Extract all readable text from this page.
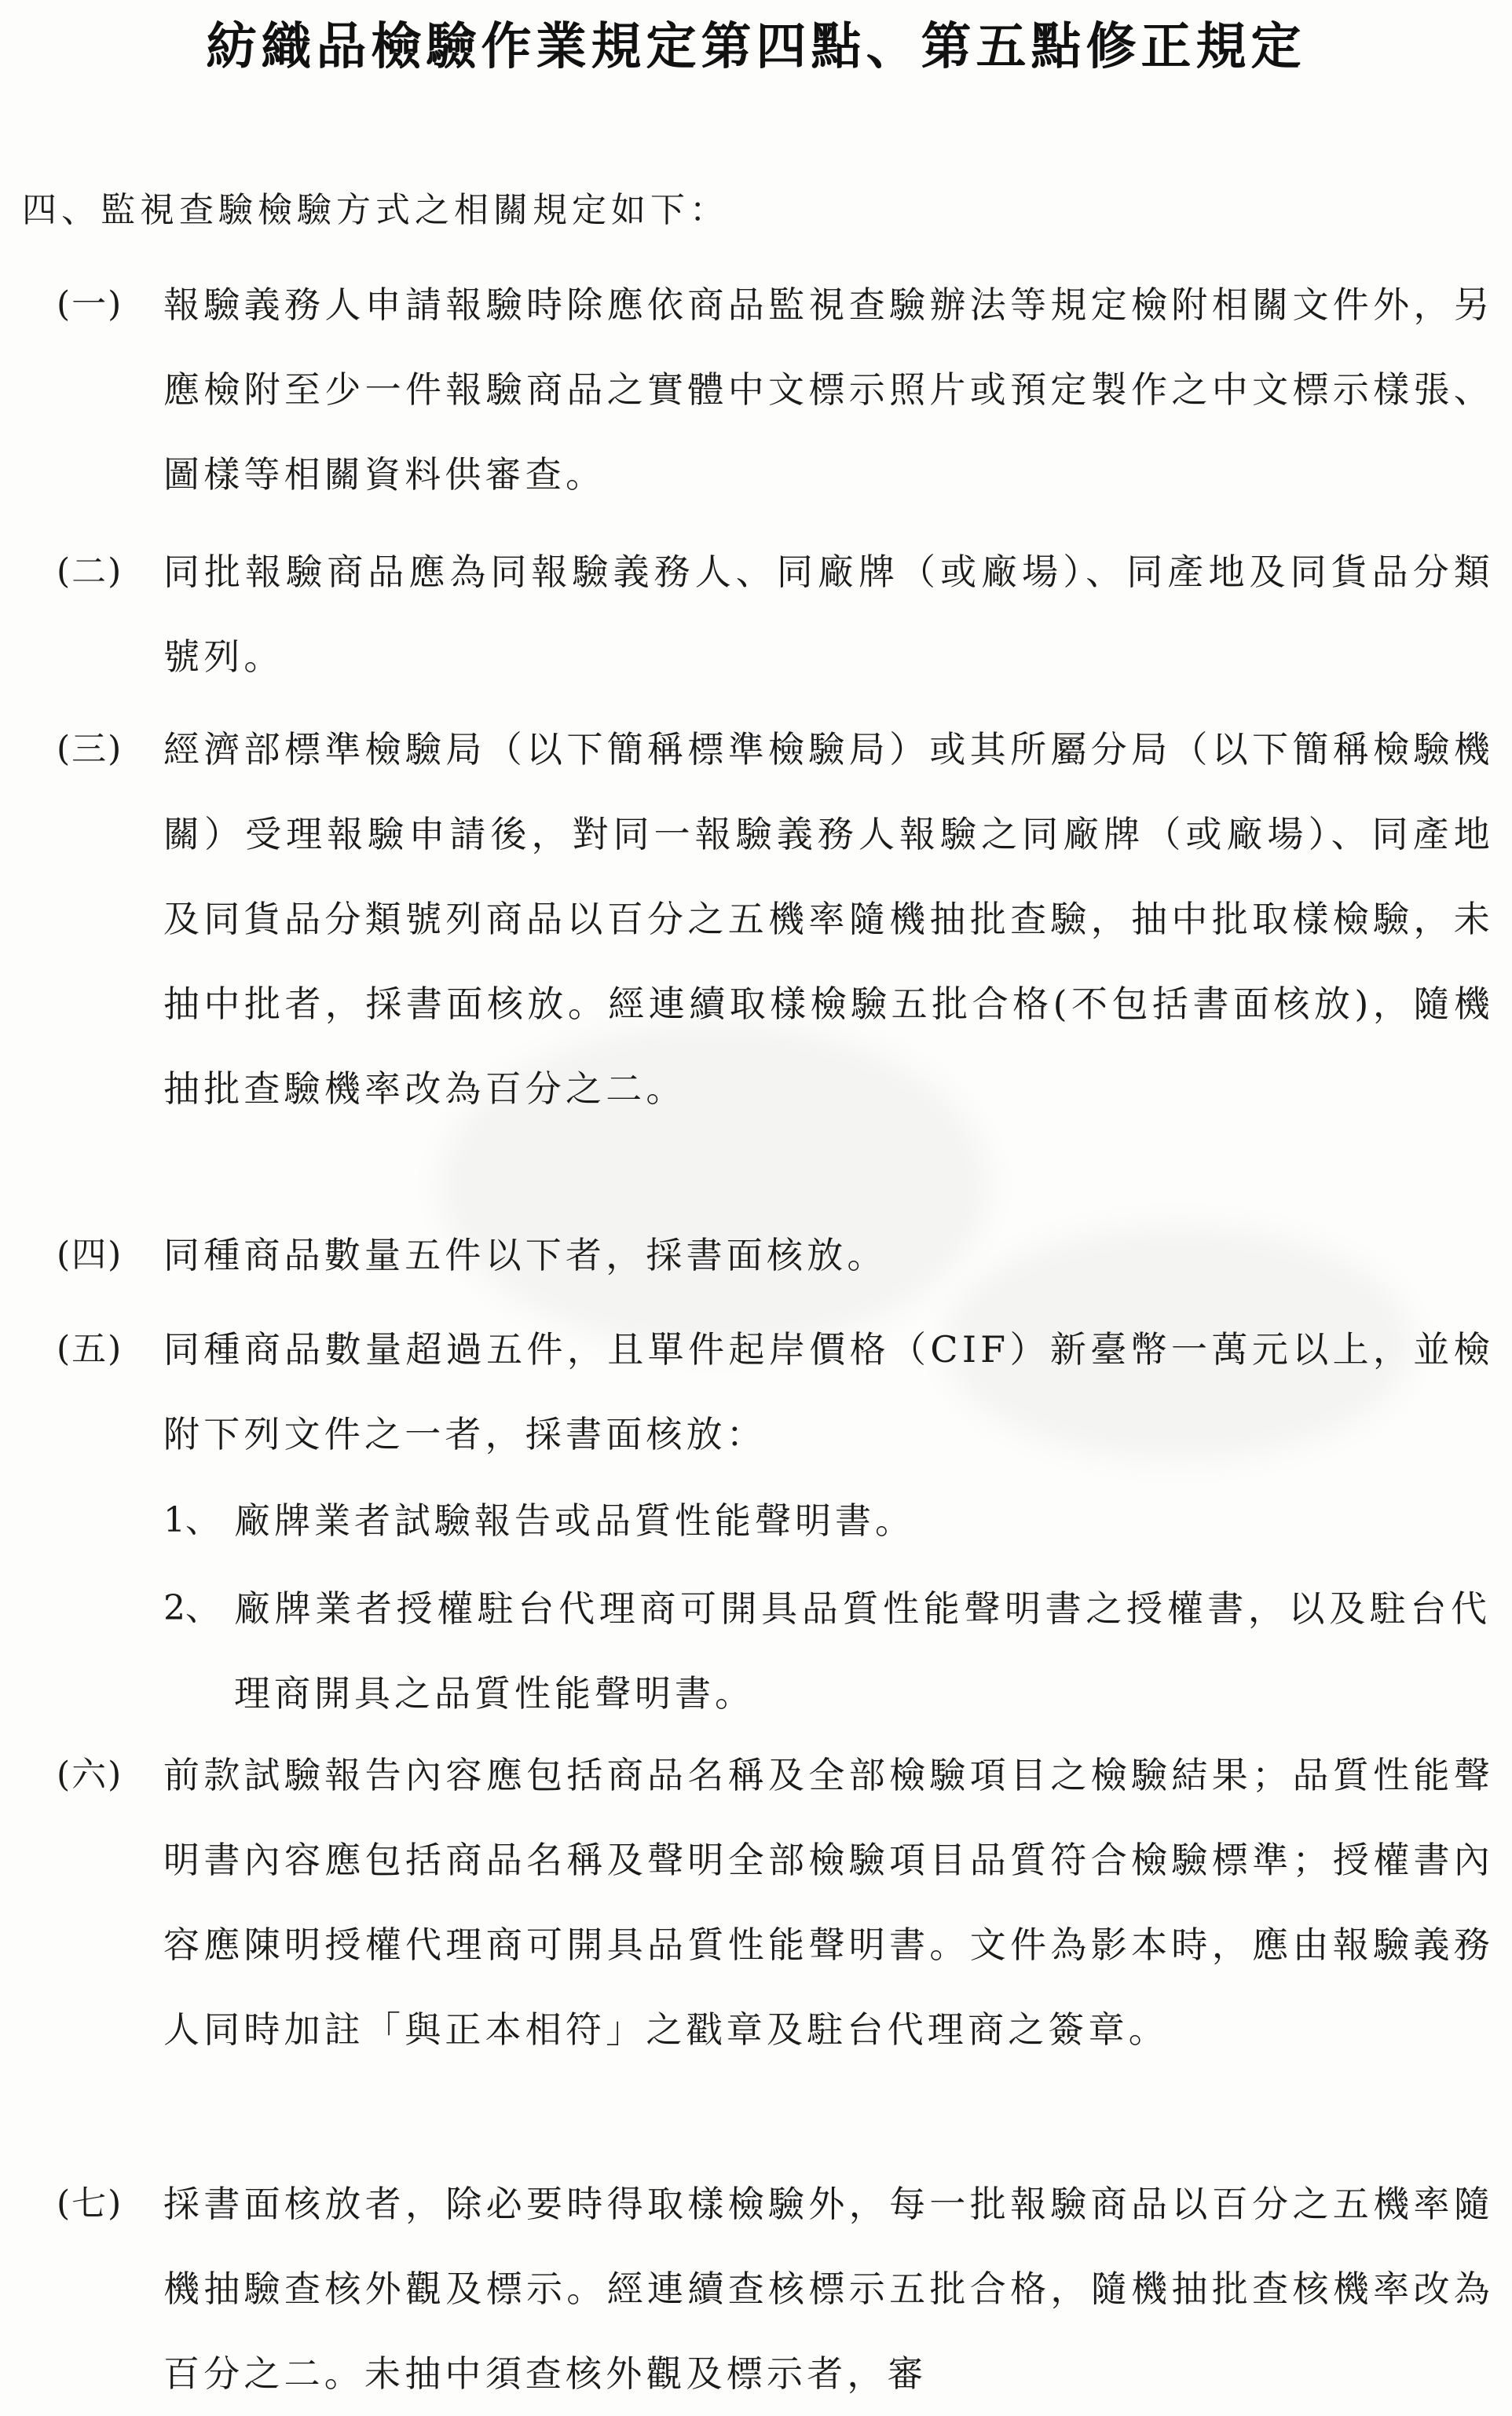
紡織品檢驗作業規定第四點、第五點修正規定
四、監視查驗檢驗方式之相關規定如下：
(一) 報驗義務人申請報驗時除應依商品監視查驗辦法等規定檢附相關文件外，另應檢附至少一件報驗商品之實體中文標示照片或預定製作之中文標示樣張、圖樣等相關資料供審查。
(二) 同批報驗商品應為同報驗義務人、同廠牌（或廠場）、同產地及同貨品分類號列。
(三) 經濟部標準檢驗局（以下簡稱標準檢驗局）或其所屬分局（以下簡稱檢驗機關）受理報驗申請後，對同一報驗義務人報驗之同廠牌（或廠場）、同產地及同貨品分類號列商品以百分之五機率隨機抽批查驗，抽中批取樣檢驗，未抽中批者，採書面核放。經連續取樣檢驗五批合格(不包括書面核放)，隨機抽批查驗機率改為百分之二。
(四) 同種商品數量五件以下者，採書面核放。
(五) 同種商品數量超過五件，且單件起岸價格（CIF）新臺幣一萬元以上，並檢附下列文件之一者，採書面核放：
1、 廠牌業者試驗報告或品質性能聲明書。
2、 廠牌業者授權駐台代理商可開具品質性能聲明書之授權書，以及駐台代理商開具之品質性能聲明書。
(六) 前款試驗報告內容應包括商品名稱及全部檢驗項目之檢驗結果；品質性能聲明書內容應包括商品名稱及聲明全部檢驗項目品質符合檢驗標準；授權書內容應陳明授權代理商可開具品質性能聲明書。文件為影本時，應由報驗義務人同時加註「與正本相符」之戳章及駐台代理商之簽章。
(七) 採書面核放者，除必要時得取樣檢驗外，每一批報驗商品以百分之五機率隨機抽驗查核外觀及標示。經連續查核標示五批合格，隨機抽批查核機率改為百分之二。未抽中須查核外觀及標示者，審
